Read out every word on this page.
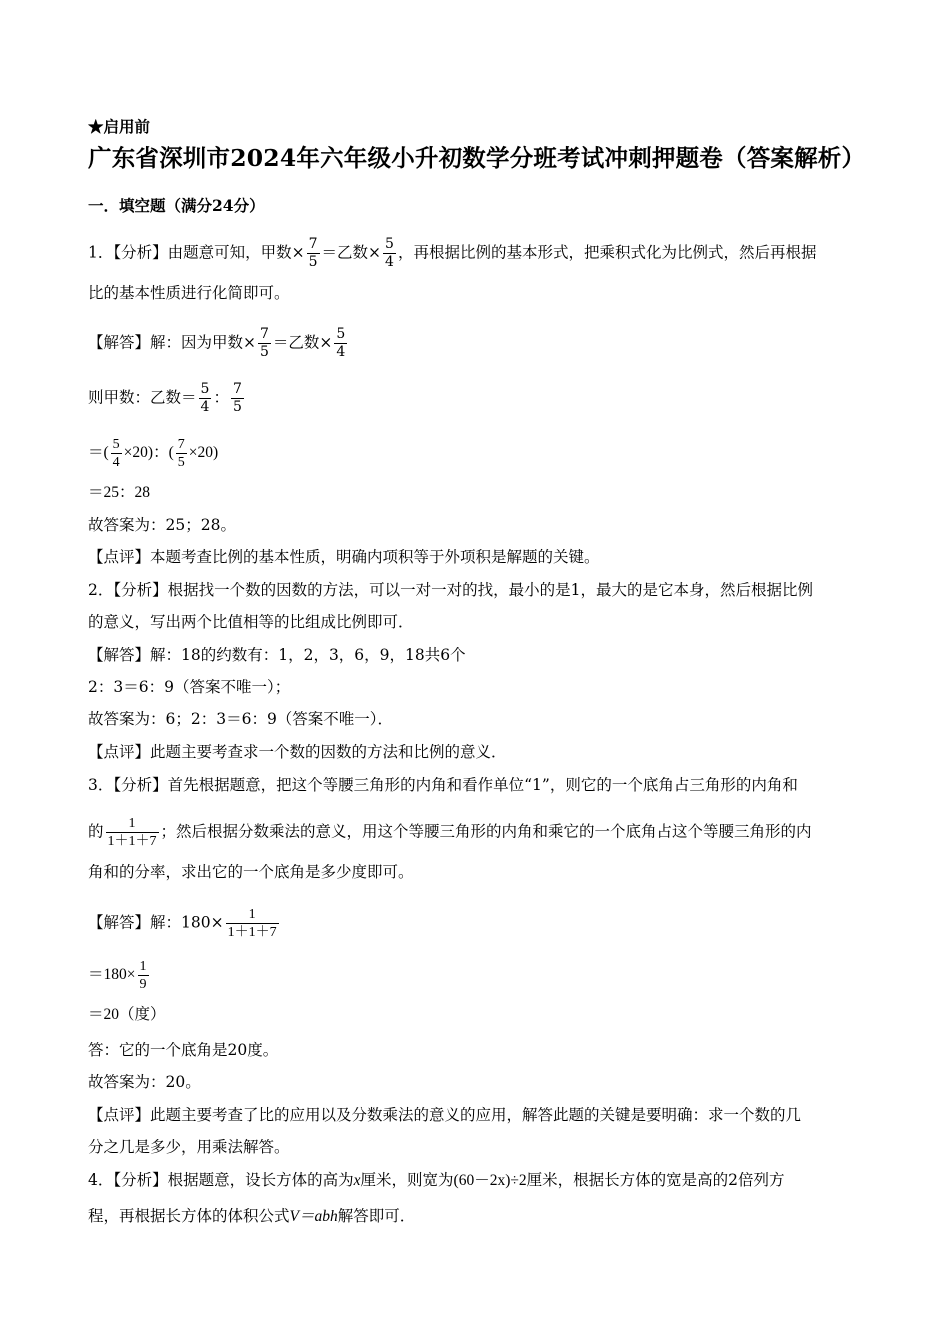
★启用前
广东省深圳市2024年六年级小升初数学分班考试冲刺押题卷（答案解析）
一．填空题（满分24分）
1．【分析】由题意可知，甲数× $\frac{7}{5}$ ＝乙数× $\frac{5}{4}$ ，再根据比例的基本形式，把乘积式化为比例式，然后再根据
比的基本性质进行化简即可。
【解答】解：因为甲数× $\frac{7}{5}$ ＝乙数× $\frac{5}{4}$
则甲数：乙数＝ $\frac{5}{4}$ ： $\frac{7}{5}$
＝( $\frac{5}{4} \times 20$)：( $\frac{7}{5} \times 20$)
＝25：28
故答案为：25；28。
【点评】本题考查比例的基本性质，明确内项积等于外项积是解题的关键。
2．【分析】根据找一个数的因数的方法，可以一对一对的找，最小的是1，最大的是它本身，然后根据比例
的意义，写出两个比值相等的比组成比例即可．
【解答】解：18的约数有：1，2，3，6，9，18共6个
2：3＝6：9（答案不唯一）；
故答案为：6；2：3＝6：9（答案不唯一）．
【点评】此题主要考查求一个数的因数的方法和比例的意义．
3．【分析】首先根据题意，把这个等腰三角形的内角和看作单位“1”，则它的一个底角占三角形的内角和
的 $\frac{1}{1+1+7}$ ；然后根据分数乘法的意义，用这个等腰三角形的内角和乘它的一个底角占这个等腰三角形的内
角和的分率，求出它的一个底角是多少度即可。
【解答】解：$180\times \frac{1}{1+1+7}$
$=180\times \frac{1}{9}$
＝20（度）
答：它的一个底角是20度。
故答案为：20。
【点评】此题主要考查了比的应用以及分数乘法的意义的应用，解答此题的关键是要明确：求一个数的几
分之几是多少，用乘法解答。
4．【分析】根据题意，设长方体的高为x厘米，则宽为(60－2x)÷2厘米，根据长方体的宽是高的2倍列方
程，再根据长方体的体积公式V＝abh解答即可．
